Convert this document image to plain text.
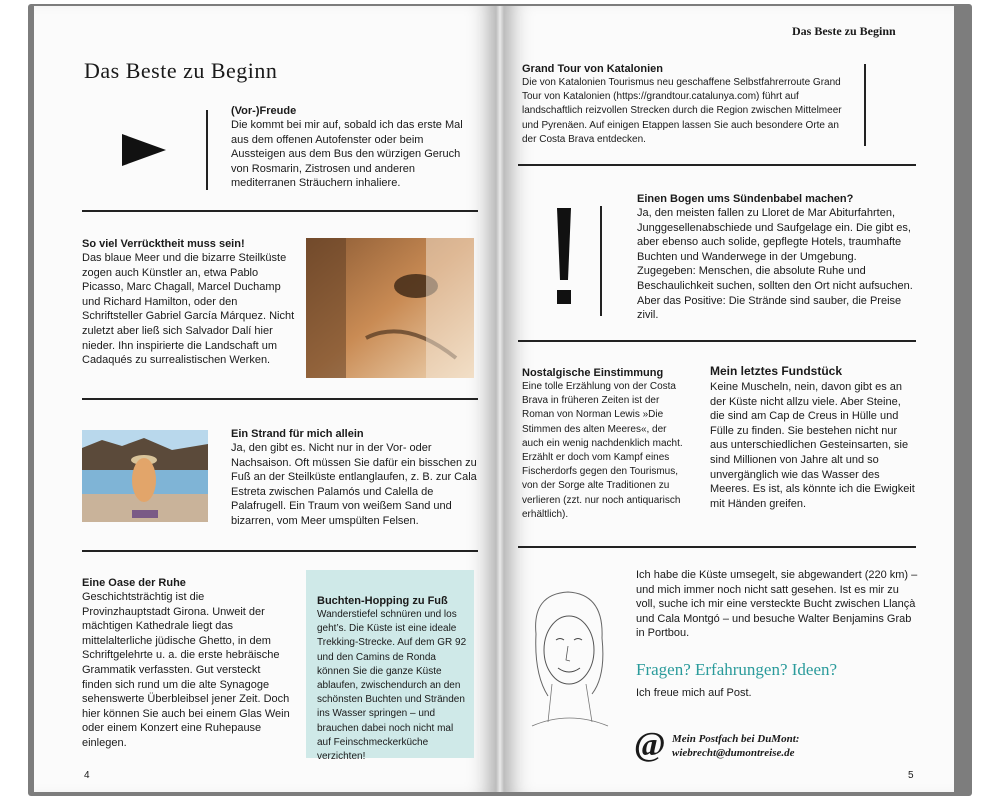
Das Beste zu Beginn
(Vor-)Freude
Die kommt bei mir auf, sobald ich das erste Mal aus dem offenen Autofenster oder beim Aussteigen aus dem Bus den würzigen Geruch von Rosmarin, Zistrosen und anderen mediterranen Sträuchern inhaliere.
So viel Verrücktheit muss sein!
Das blaue Meer und die bizarre Steilküste zogen auch Künstler an, etwa Pablo Picasso, Marc Chagall, Marcel Duchamp und Richard Hamilton, oder den Schriftsteller Gabriel García Márquez. Nicht zuletzt aber ließ sich Salvador Dalí hier nieder. Ihn inspirierte die Landschaft um Cadaqués zu surrealistischen Werken.
Ein Strand für mich allein
Ja, den gibt es. Nicht nur in der Vor- oder Nachsaison. Oft müssen Sie dafür ein bisschen zu Fuß an der Steilküste entlanglaufen, z. B. zur Cala Estreta zwischen Palamós und Calella de Palafrugell. Ein Traum von weißem Sand und bizarren, vom Meer umspülten Felsen.
Eine Oase der Ruhe
Geschichtsträchtig ist die Provinzhauptstadt Girona. Unweit der mächtigen Kathedrale liegt das mittelalterliche jüdische Ghetto, in dem Schriftgelehrte u. a. die erste hebräische Grammatik verfassten. Gut versteckt finden sich rund um die alte Synagoge sehenswerte Überbleibsel jener Zeit. Doch hier können Sie auch bei einem Glas Wein oder einem Konzert eine Ruhepause einlegen.
Buchten-Hopping zu Fuß
Wanderstiefel schnüren und los geht’s. Die Küste ist eine ideale Trekking-Strecke. Auf dem GR 92 und den Camins de Ronda können Sie die ganze Küste ablaufen, zwischendurch an den schönsten Buchten und Stränden ins Wasser springen – und brauchen dabei noch nicht mal auf Feinschmeckerküche verzichten!
4
Das Beste zu Beginn
Grand Tour von Katalonien
Die von Katalonien Tourismus neu geschaffene Selbstfahrerroute Grand Tour von Katalonien (https://grandtour.catalunya.com) führt auf landschaftlich reizvollen Strecken durch die Region zwischen Mittelmeer und Pyrenäen. Auf einigen Etappen lassen Sie auch besondere Orte an der Costa Brava entdecken.
Einen Bogen ums Sündenbabel machen?
Ja, den meisten fallen zu Lloret de Mar Abiturfahrten, Junggesellenabschiede und Saufgelage ein. Die gibt es, aber ebenso auch solide, gepflegte Hotels, traumhafte Buchten und Wanderwege in der Umgebung. Zugegeben: Menschen, die absolute Ruhe und Beschaulichkeit suchen, sollten den Ort nicht aufsuchen. Aber das Positive: Die Strände sind sauber, die Preise zivil.
Nostalgische Einstimmung
Eine tolle Erzählung von der Costa Brava in früheren Zeiten ist der Roman von Norman Lewis »Die Stimmen des alten Meeres«, der auch ein wenig nachdenklich macht. Erzählt er doch vom Kampf eines Fischerdorfs gegen den Tourismus, von der Sorge alte Traditionen zu verlieren (zzt. nur noch antiquarisch erhältlich).
Mein letztes Fundstück
Keine Muscheln, nein, davon gibt es an der Küste nicht allzu viele. Aber Steine, die sind am Cap de Creus in Hülle und Fülle zu finden. Sie bestehen nicht nur aus unterschiedlichen Gesteinsarten, sie sind Millionen von Jahre alt und so unvergänglich wie das Wasser des Meeres. Es ist, als könnte ich die Ewigkeit mit Händen greifen.
Ich habe die Küste umsegelt, sie abgewandert (220 km) – und mich immer noch nicht satt gesehen. Ist es mir zu voll, suche ich mir eine versteckte Bucht zwischen Llançà und Cala Montgó – und besuche Walter Benjamins Grab in Portbou.
Fragen? Erfahrungen? Ideen?
Ich freue mich auf Post.
@ Mein Postfach bei DuMont:
wiebrecht@dumontreise.de
5
